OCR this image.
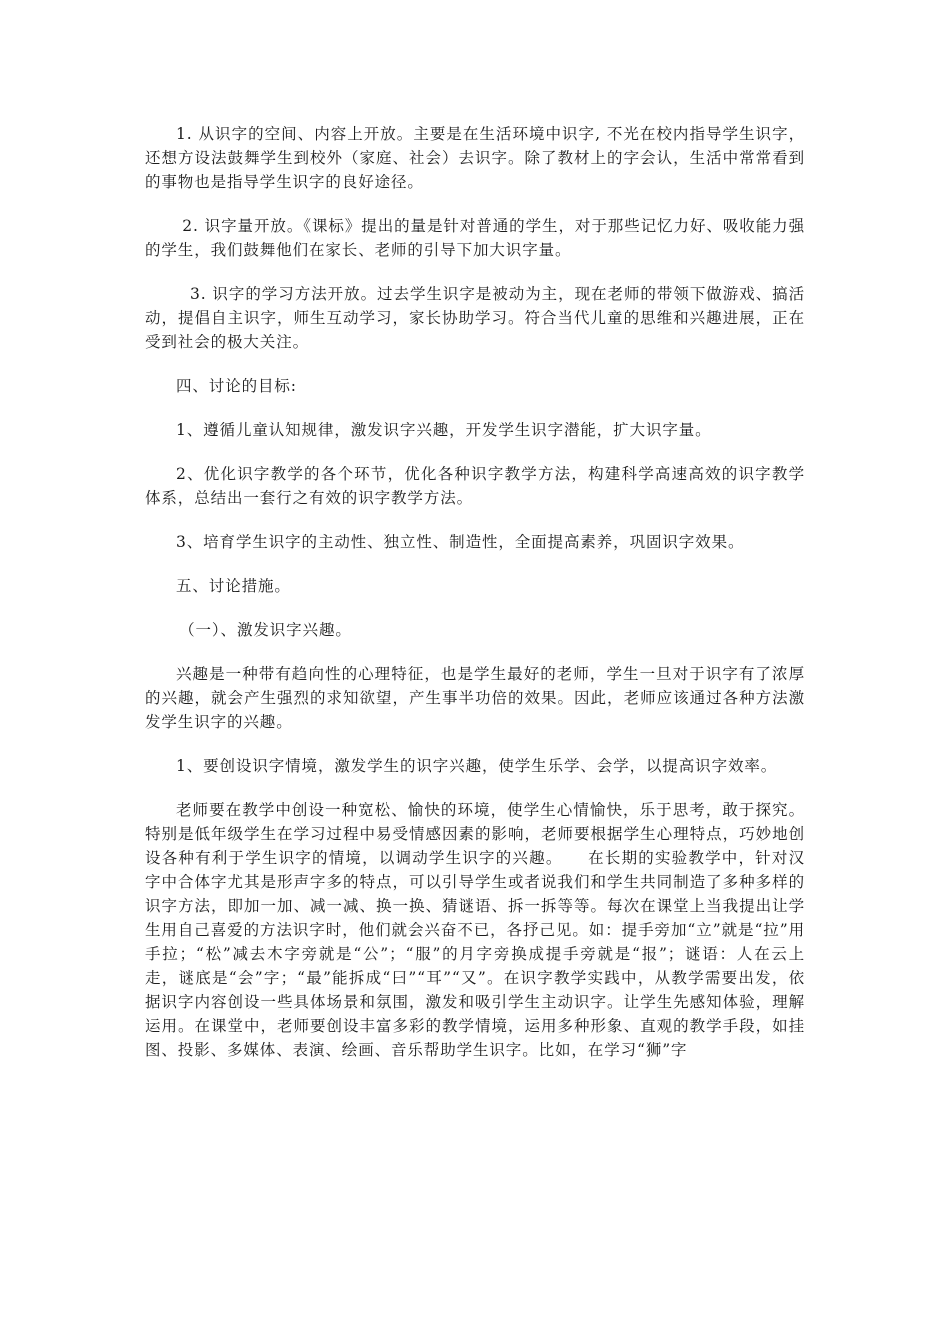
1. 从识字的空间、内容上开放。主要是在生活环境中识字, 不光在校内指导学生识字，还想方设法鼓舞学生到校外（家庭、社会）去识字。除了教材上的字会认，生活中常常看到的事物也是指导学生识字的良好途径。

2. 识字量开放。《课标》提出的量是针对普通的学生，对于那些记忆力好、吸收能力强的学生，我们鼓舞他们在家长、老师的引导下加大识字量。

3. 识字的学习方法开放。过去学生识字是被动为主，现在老师的带领下做游戏、搞活动，提倡自主识字，师生互动学习，家长协助学习。符合当代儿童的思维和兴趣进展，正在受到社会的极大关注。

四、讨论的目标:

1、遵循儿童认知规律，激发识字兴趣，开发学生识字潜能，扩大识字量。

2、优化识字教学的各个环节，优化各种识字教学方法，构建科学高速高效的识字教学体系，总结出一套行之有效的识字教学方法。

3、培育学生识字的主动性、独立性、制造性，全面提高素养，巩固识字效果。

五、讨论措施。

（一）、激发识字兴趣。

兴趣是一种带有趋向性的心理特征，也是学生最好的老师，学生一旦对于识字有了浓厚的兴趣，就会产生强烈的求知欲望，产生事半功倍的效果。因此，老师应该通过各种方法激发学生识字的兴趣。

1、要创设识字情境，激发学生的识字兴趣，使学生乐学、会学，以提高识字效率。

老师要在教学中创设一种宽松、愉快的环境，使学生心情愉快，乐于思考，敢于探究。特别是低年级学生在学习过程中易受情感因素的影响，老师要根据学生心理特点，巧妙地创设各种有利于学生识字的情境，以调动学生识字的兴趣。　　在长期的实验教学中，针对汉字中合体字尤其是形声字多的特点，可以引导学生或者说我们和学生共同制造了多种多样的识字方法，即加一加、减一减、换一换、猜谜语、拆一拆等等。每次在课堂上当我提出让学生用自己喜爱的方法识字时，他们就会兴奋不已，各抒己见。如：提手旁加“立”就是“拉”用手拉；“松”减去木字旁就是“公”；“服”的月字旁换成提手旁就是“报”；谜语：人在云上走，谜底是“会”字；“最”能拆成“曰”“耳”“又”。在识字教学实践中，从教学需要出发，依据识字内容创设一些具体场景和氛围，激发和吸引学生主动识字。让学生先感知体验，理解运用。在课堂中，老师要创设丰富多彩的教学情境，运用多种形象、直观的教学手段，如挂图、投影、多媒体、表演、绘画、音乐帮助学生识字。比如，在学习“狮”字
